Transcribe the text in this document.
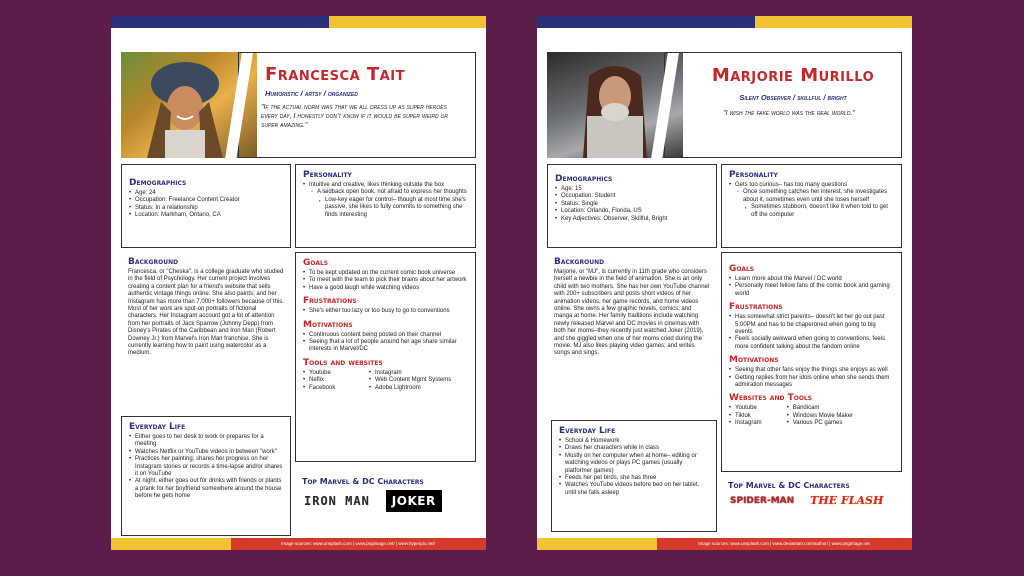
Francesca Tait
Humoristic / artsy / organized
"If the actual norm was that we all dress up as super heroes every day, I honestly don't know if it would be super weird or super amazing."
Demographics
• Age: 24
• Occupation: Freelance Content Creator
• Status: In a relationship
• Location: Markham, Ontario, CA
Personality
• Intuitive and creative, likes thinking outside the box
◦ A laidback open book, not afraid to express her thoughts
▪ Low-key eager for control– though at most time she's passive, she likes to fully commits to something she finds interesting
Background

Francesca, or "Cheska", is a college graduate who studied in the field of Psychology. Her current project involves creating a content plan for a friend's website that sells authentic vintage things online. She also paints; and her Instagram has more than 7,000+ followers because of this. Most of her work are spot-on portraits of fictional characters. Her Instagram account got a lot of attention from her portraits of Jack Sparrow (Johnny Depp) from Disney's Pirates of the Caribbean and Iron Man (Robert Downey Jr.) from Marvel's Iron Man franchise. She is currently learning how to paint using watercolor as a medium.

Everyday Life
• Either goes to her desk to work or prepares for a meeting
• Watches Netflix or YouTube videos in between "work"
• Practices her painting; shares her progress on her Instagram stories or records a time-lapse and/or shares it on YouTube
• At night, either goes out for drinks with friends or plants a prank for her boyfriend somewhere around the house before he gets home
Goals
• To be kept updated on the current comic book universe
• To meet with the team to pick their brains about her artwork
• Have a good laugh while watching videos
Frustrations
• She's either too lazy or too busy to go to conventions
Motivations
• Continuous content being posted on their channel
• Seeing that a lot of people around her age share similar interests in Marvel/DC
Tools and websites
• Youtube
• Neflix
• Facebook
• Instagram
• Web Content Mgmt Systems
• Adobe Lightroom
Top Marvel & DC Characters
IRON MAN	JOKER
Image sources: www.unsplash.com | www.pngimage.net/ | www.hyperpix.net/
Marjorie Murillo
Silent Observer / skillful / bright
"I wish the fake world was the real world."
Demographics
• Age: 15
• Occupation: Student
• Status: Single
• Location: Orlando, Florida, US
• Key Adjectives: Observer, Skillful, Bright
Personality
• Gets too curious– has too many questions
◦ Once something catches her interest, she investigates about it, sometimes even until she loses herself
▪ Sometimes stubborn, doesn't like it when told to get off the computer
Background

Marjorie, or "MJ", is currently in 11th grade who considers herself a newbie in the field of animation. She is an only child with two mothers. She has her own YouTube channel with 200+ subscribers and posts short videos of her animation videos, her game records, and home videos online. She owns a few graphic novels, comics, and manga at home. Her family traditions include watching newly released Marvel and DC movies in cinemas with both her moms–they recently just watched Joker (2019), and she giggled when one of her moms cried during the movie. MJ also likes playing video games; and writes songs and sings.

Everyday Life
• School & Homework
• Draws her characters while in class
• Mostly on her computer when at home– editing or watching videos or plays PC games (usually platformer games)
• Feeds her pet birds, she has three
• Watches YouTube videos before bed on her tablet, until she falls asleep
Goals
• Learn more about the Marvel / DC world
• Personally meet fellow fans of the comic book and gaming world
Frustrations
• Has somewhat strict parents– doesn't let her go out past 5:00PM and has to be chaperoned when going to big events
• Feels socially awkward when going to conventions, feels more confident talking about the fandom online
Motivations
• Seeing that other fans enjoy the things she enjoys as well
• Getting replies from her idols online when she sends them admiration messages
Websites and Tools
• Youtube
• Tiktok
• Instagram
• Bandicam
• Windows Movie Maker
• Various PC games
Top Marvel & DC Characters
SPIDER-MAN THE FLASH
Image sources: www.unsplash.com | www.deviantart.com/author/ | www.pngimage.net
